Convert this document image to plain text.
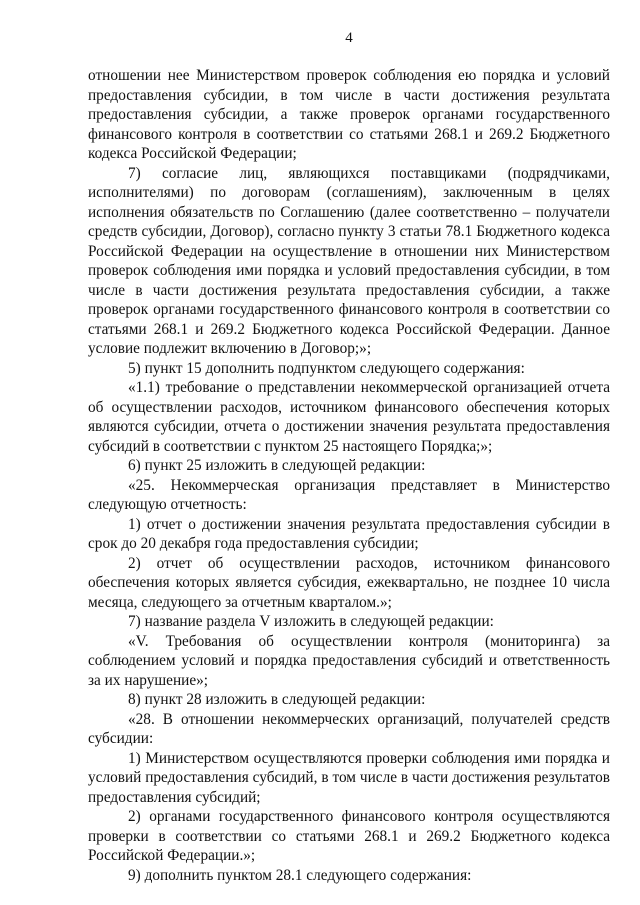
4

отношении нее Министерством проверок соблюдения ею порядка и условий предоставления субсидии, в том числе в части достижения результата предоставления субсидии, а также проверок органами государственного финансового контроля в соответствии со статьями 268.1 и 269.2 Бюджетного кодекса Российской Федерации;

7) согласие лиц, являющихся поставщиками (подрядчиками, исполнителями) по договорам (соглашениям), заключенным в целях исполнения обязательств по Соглашению (далее соответственно – получатели средств субсидии, Договор), согласно пункту 3 статьи 78.1 Бюджетного кодекса Российской Федерации на осуществление в отношении них Министерством проверок соблюдения ими порядка и условий предоставления субсидии, в том числе в части достижения результата предоставления субсидии, а также проверок органами государственного финансового контроля в соответствии со статьями 268.1 и 269.2 Бюджетного кодекса Российской Федерации. Данное условие подлежит включению в Договор;»;

5) пункт 15 дополнить подпунктом следующего содержания:

«1.1) требование о представлении некоммерческой организацией отчета об осуществлении расходов, источником финансового обеспечения которых являются субсидии, отчета о достижении значения результата предоставления субсидий в соответствии с пунктом 25 настоящего Порядка;»;

6) пункт 25 изложить в следующей редакции:

«25. Некоммерческая организация представляет в Министерство следующую отчетность:

1) отчет о достижении значения результата предоставления субсидии в срок до 20 декабря года предоставления субсидии;

2) отчет об осуществлении расходов, источником финансового обеспечения которых является субсидия, ежеквартально, не позднее 10 числа месяца, следующего за отчетным кварталом.»;

7) название раздела V изложить в следующей редакции:

«V. Требования об осуществлении контроля (мониторинга) за соблюдением условий и порядка предоставления субсидий и ответственность за их нарушение»;

8) пункт 28 изложить в следующей редакции:

«28. В отношении некоммерческих организаций, получателей средств субсидии:

1) Министерством осуществляются проверки соблюдения ими порядка и условий предоставления субсидий, в том числе в части достижения результатов предоставления субсидий;

2) органами государственного финансового контроля осуществляются проверки в соответствии со статьями 268.1 и 269.2 Бюджетного кодекса Российской Федерации.»;

9) дополнить пунктом 28.1 следующего содержания:
